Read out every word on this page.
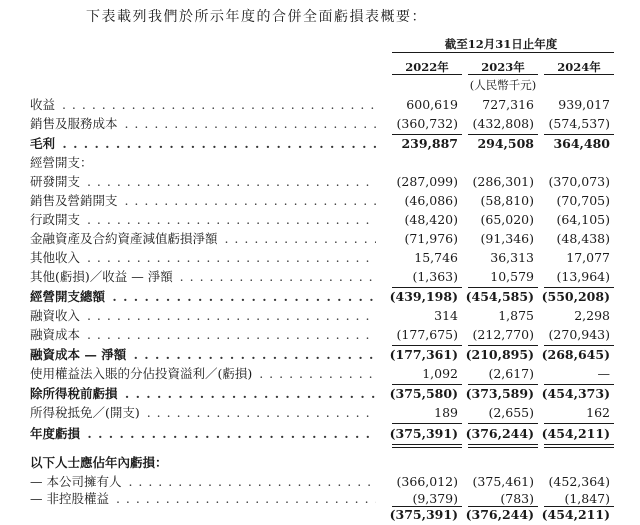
下表載列我們於所示年度的合併全面虧損表概要：
截至12月31日止年度
2022年	2023年	2024年
(人民幣千元)
收益 . . .	600,619	727,316	939,017
銷售及服務成本 . . .	(360,732)	(432,808)	(574,537)
毛利 . . .	239,887	294,508	364,480
經營開支：
研發開支 . . .	(287,099)	(286,301)	(370,073)
銷售及營銷開支 . . .	(46,086)	(58,810)	(70,705)
行政開支 . . .	(48,420)	(65,020)	(64,105)
金融資產及合約資產減值虧損淨額 . . .	(71,976)	(91,346)	(48,438)
其他收入 . . .	15,746	36,313	17,077
其他(虧損)／收益 — 淨額 . . .	(1,363)	10,579	(13,964)
經營開支總額 . . .	(439,198) (454,585) (550,208)
融資收入 . . .	314	1,875	2,298
融資成本 . . .	(177,675)	(212,770)	(270,943)
融資成本 — 淨額 . . .	(177,361) (210,895) (268,645)
使用權益法入賬的分佔投資溢利／(虧損) . . .	1,092	(2,617)	—
除所得稅前虧損 . . .	(375,580) (373,589) (454,373)
所得稅抵免／(開支) . . .	189	(2,655)	162
年度虧損 . . .	(375,391) (376,244) (454,211)
以下人士應佔年內虧損：
— 本公司擁有人 . . .	(366,012)	(375,461)	(452,364)
— 非控股權益 . . .	(9,379)	(783)	(1,847)
(375,391) (376,244) (454,211)
